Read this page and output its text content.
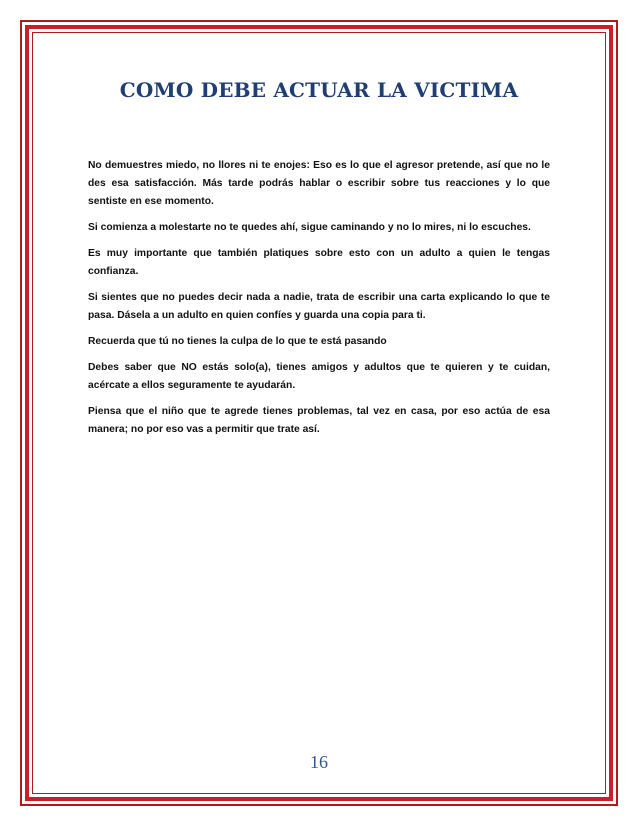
COMO DEBE ACTUAR LA VICTIMA

No demuestres miedo, no llores ni te enojes: Eso es lo que el agresor pretende, así que no le des esa satisfacción. Más tarde podrás hablar o escribir sobre tus reacciones y lo que sentiste en ese momento.

Si comienza a molestarte no te quedes ahí, sigue caminando y no lo mires, ni lo escuches.

Es muy importante que también platiques sobre esto con un adulto a quien le tengas confianza.

Si sientes que no puedes decir nada a nadie, trata de escribir una carta explicando lo que te pasa. Dásela a un adulto en quien confíes y guarda una copia para ti.

Recuerda que tú no tienes la culpa de lo que te está pasando

Debes saber que NO estás solo(a), tienes amigos y adultos que te quieren y te cuidan, acércate a ellos seguramente te ayudarán.

Piensa que el niño que te agrede tienes problemas, tal vez en casa, por eso actúa de esa manera; no por eso vas a permitir que trate así.

16
